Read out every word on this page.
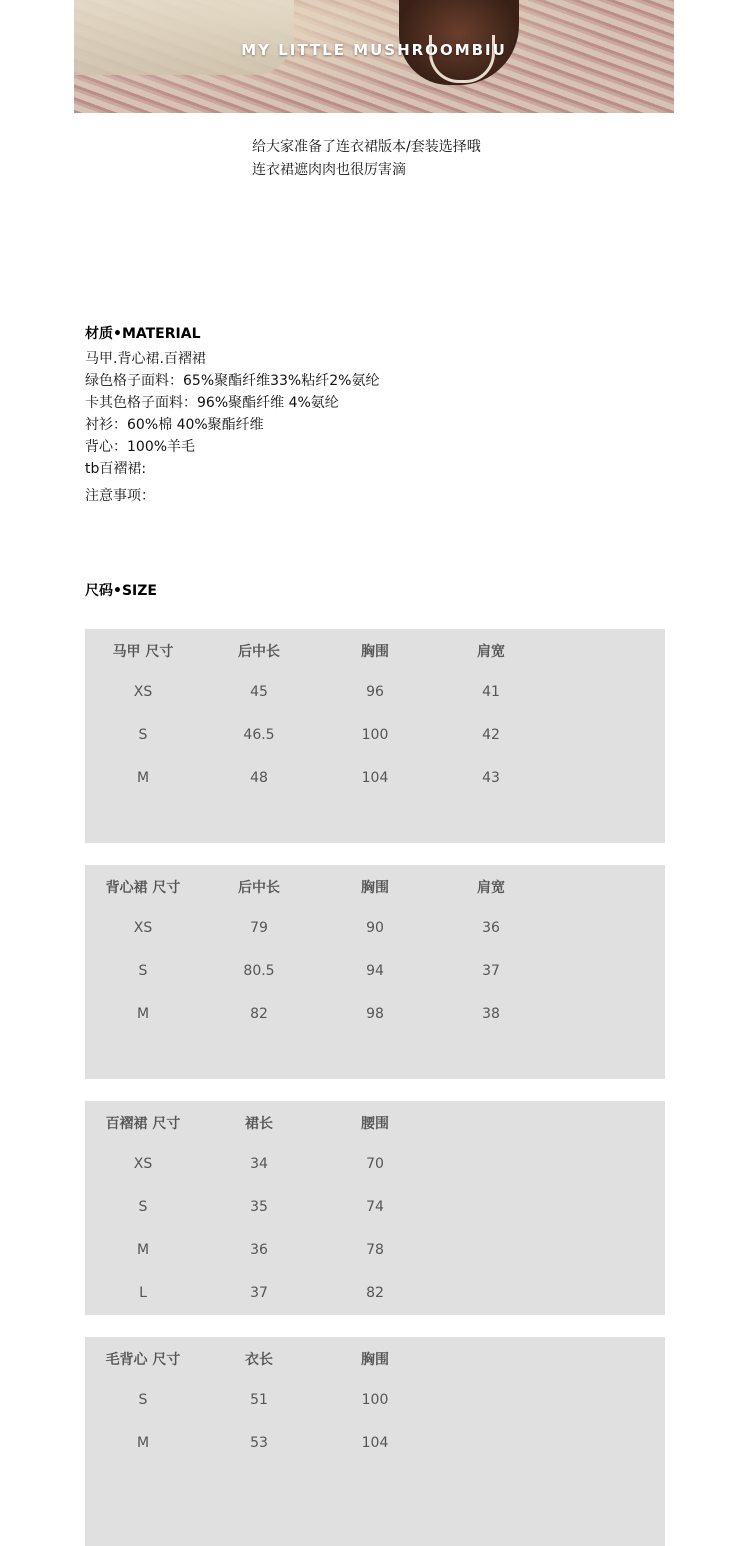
MY LITTLE MUSHROOMBIU
给大家准备了连衣裙版本/套装选择哦
连衣裙遮肉肉也很厉害滴
材质•MATERIAL
马甲.背心裙.百褶裙
绿色格子面料：65%聚酯纤维33%粘纤2%氨纶
卡其色格子面料：96%聚酯纤维 4%氨纶
衬衫：60%棉 40%聚酯纤维
背心：100%羊毛
tb百褶裙:
注意事项：
尺码•SIZE
马甲 尺寸	后中长	胸围	肩宽
XS	45	96	41
S	46.5	100	42
M	48	104	43
背心裙 尺寸	后中长	胸围	肩宽
XS	79	90	36
S	80.5	94	37
M	82	98	38
百褶裙 尺寸	裙长	腰围
XS	34	70
S	35	74
M	36	78
L	37	82
毛背心 尺寸	衣长	胸围
S	51	100
M	53	104
